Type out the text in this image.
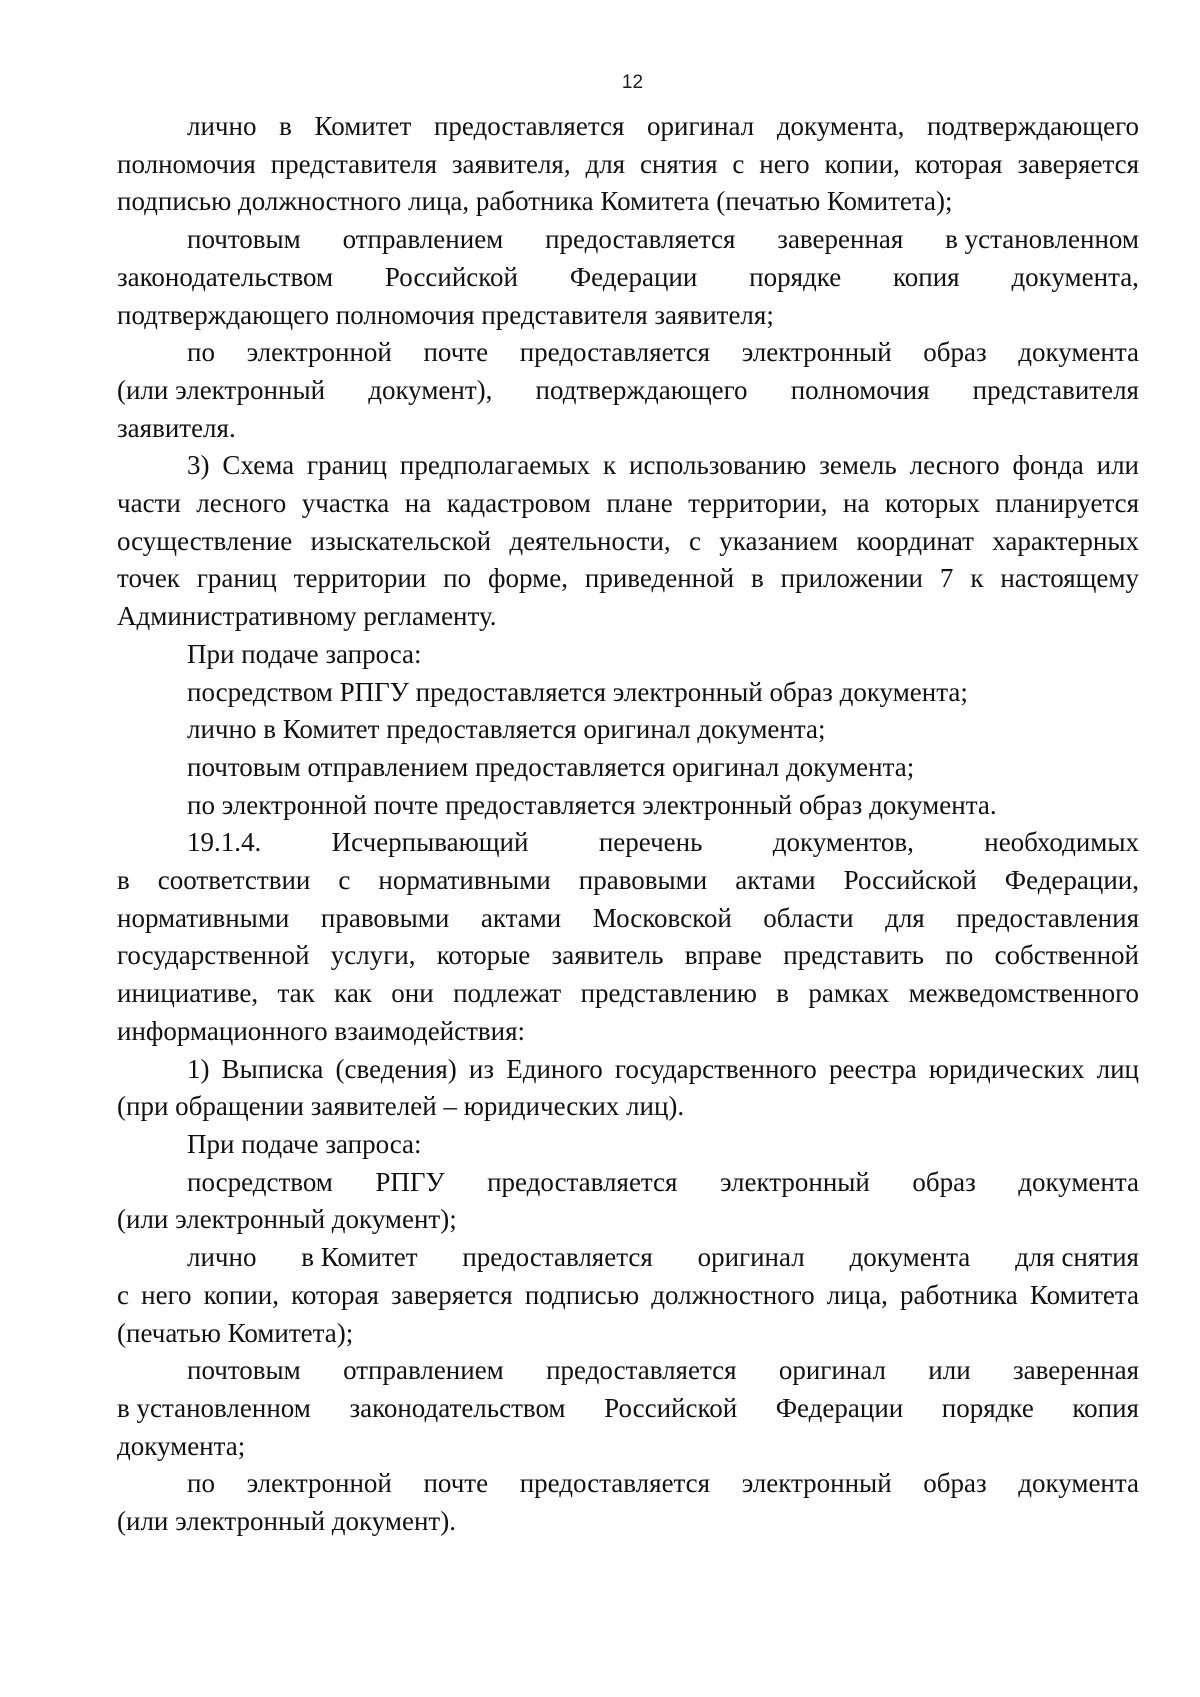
12

лично в Комитет предоставляется оригинал документа, подтверждающего полномочия представителя заявителя, для снятия с него копии, которая заверяется подписью должностного лица, работника Комитета (печатью Комитета);

почтовым отправлением предоставляется заверенная в установленном
законодательством Российской Федерации порядке копия документа,
подтверждающего полномочия представителя заявителя;
по электронной почте предоставляется электронный образ документа
(или электронный документ), подтверждающего полномочия представителя
заявителя.

3) Схема границ предполагаемых к использованию земель лесного фонда или части лесного участка на кадастровом плане территории, на которых планируется осуществление изыскательской деятельности, с указанием координат характерных точек границ территории по форме, приведенной в приложении 7 к настоящему Административному регламенту.

При подаче запроса:

посредством РПГУ предоставляется электронный образ документа;

лично в Комитет предоставляется оригинал документа;

почтовым отправлением предоставляется оригинал документа;

по электронной почте предоставляется электронный образ документа.

19.1.4.	Исчерпывающий	перечень	документов,	необходимых

в соответствии с нормативными правовыми актами Российской Федерации, нормативными правовыми актами Московской области для предоставления государственной услуги, которые заявитель вправе представить по собственной инициативе, так как они подлежат представлению в рамках межведомственного информационного взаимодействия:

1) Выписка (сведения) из Единого государственного реестра юридических лиц (при обращении заявителей – юридических лиц).

При подаче запроса:

посредством РПГУ предоставляется электронный образ документа
(или электронный документ);
лично в Комитет предоставляется оригинал документа для снятия

с него копии, которая заверяется подписью должностного лица, работника Комитета (печатью Комитета);

почтовым отправлением предоставляется оригинал или заверенная
в установленном законодательством Российской Федерации порядке копия
документа;
по электронной почте предоставляется электронный образ документа
(или электронный документ).
